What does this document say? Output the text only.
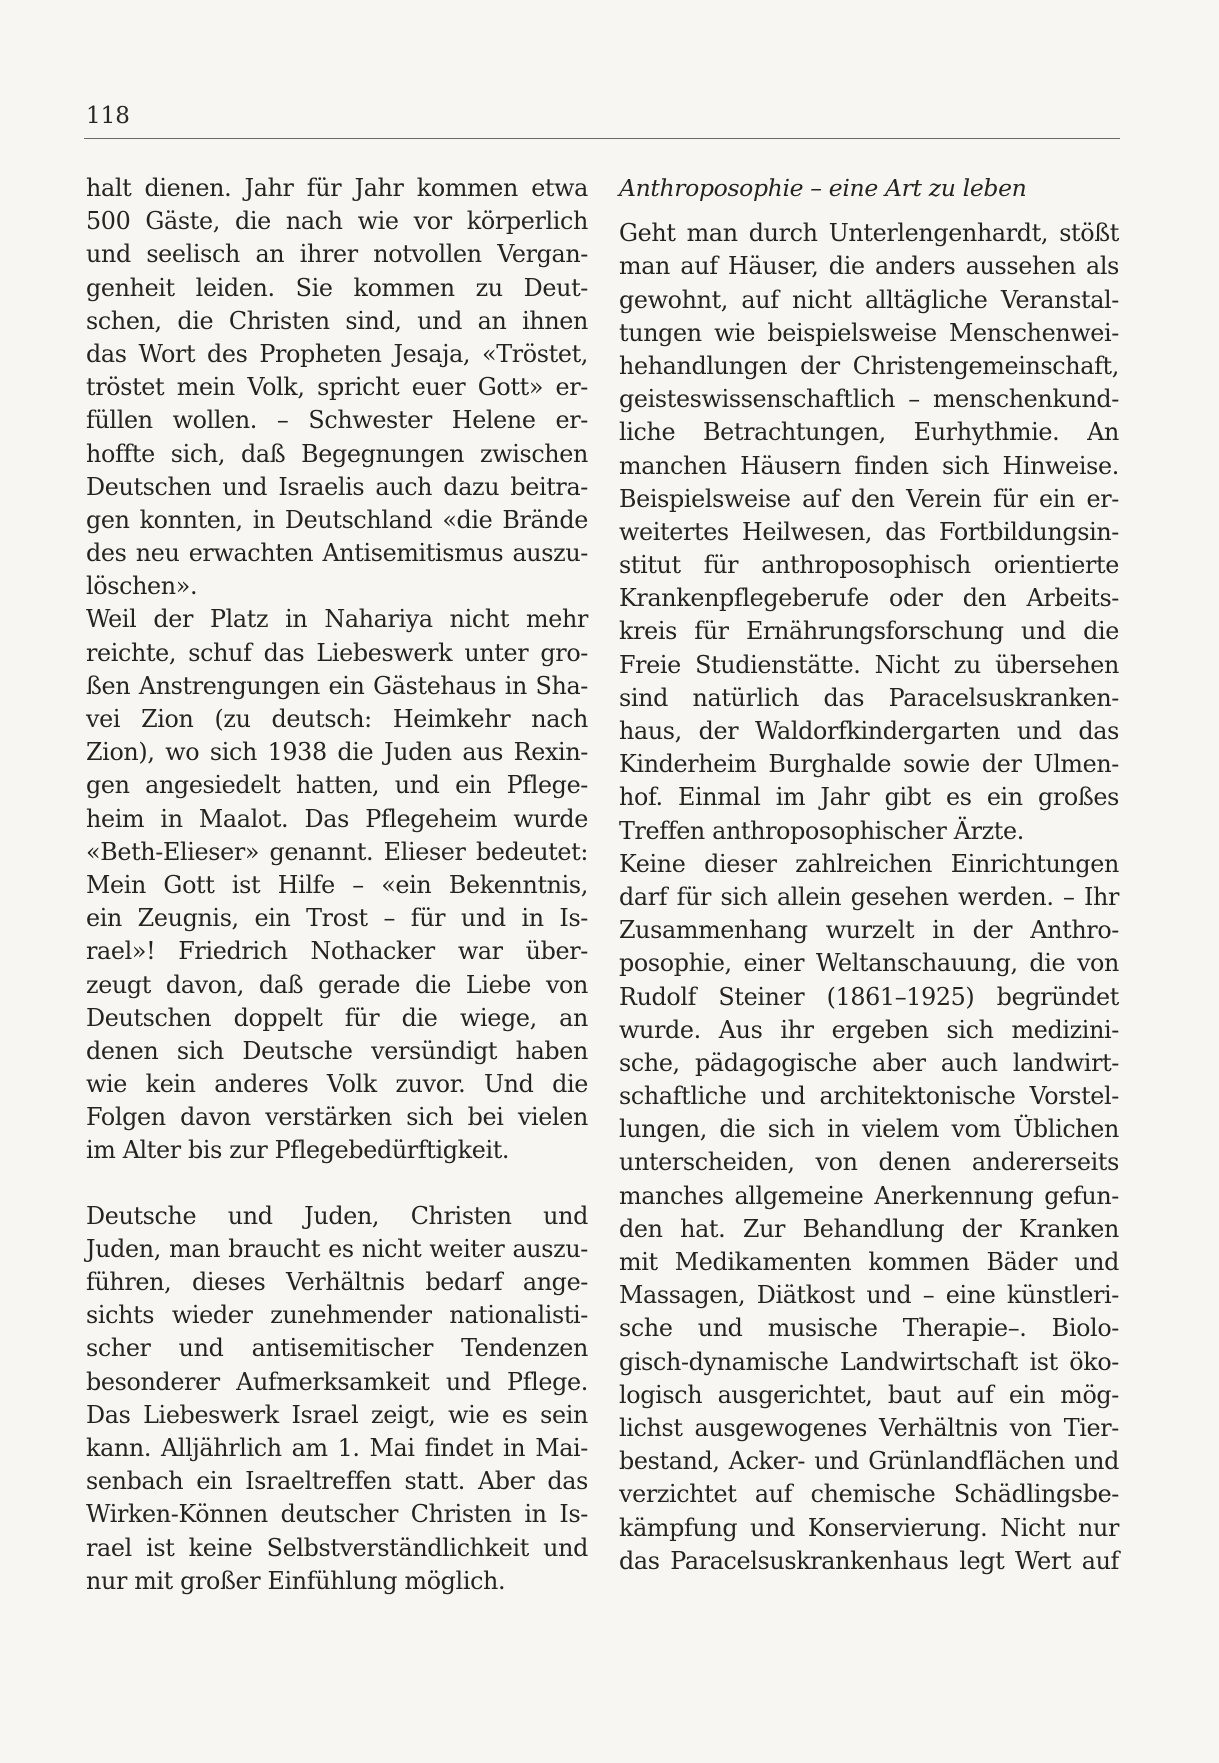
118
halt dienen. Jahr für Jahr kommen etwa
500 Gäste, die nach wie vor körperlich
und seelisch an ihrer notvollen Vergan-
genheit leiden. Sie kommen zu Deut-
schen, die Christen sind, und an ihnen
das Wort des Propheten Jesaja, «Tröstet,
tröstet mein Volk, spricht euer Gott» er-
füllen wollen. – Schwester Helene er-
hoffte sich, daß Begegnungen zwischen
Deutschen und Israelis auch dazu beitra-
gen konnten, in Deutschland «die Brände
des neu erwachten Antisemitismus auszu-
löschen».
Weil der Platz in Nahariya nicht mehr
reichte, schuf das Liebeswerk unter gro-
ßen Anstrengungen ein Gästehaus in Sha-
vei Zion (zu deutsch: Heimkehr nach
Zion), wo sich 1938 die Juden aus Rexin-
gen angesiedelt hatten, und ein Pflege-
heim in Maalot. Das Pflegeheim wurde
«Beth-Elieser» genannt. Elieser bedeutet:
Mein Gott ist Hilfe – «ein Bekenntnis,
ein Zeugnis, ein Trost – für und in Is-
rael»! Friedrich Nothacker war über-
zeugt davon, daß gerade die Liebe von
Deutschen doppelt für die wiege, an
denen sich Deutsche versündigt haben
wie kein anderes Volk zuvor. Und die
Folgen davon verstärken sich bei vielen
im Alter bis zur Pflegebedürftigkeit.
Deutsche und Juden, Christen und
Juden, man braucht es nicht weiter auszu-
führen, dieses Verhältnis bedarf ange-
sichts wieder zunehmender nationalisti-
scher und antisemitischer Tendenzen
besonderer Aufmerksamkeit und Pflege.
Das Liebeswerk Israel zeigt, wie es sein
kann. Alljährlich am 1. Mai findet in Mai-
senbach ein Israeltreffen statt. Aber das
Wirken-Können deutscher Christen in Is-
rael ist keine Selbstverständlichkeit und
nur mit großer Einfühlung möglich.
Anthroposophie – eine Art zu leben
Geht man durch Unterlengenhardt, stößt
man auf Häuser, die anders aussehen als
gewohnt, auf nicht alltägliche Veranstal-
tungen wie beispielsweise Menschenwei-
hehandlungen der Christengemeinschaft,
geisteswissenschaftlich – menschenkund-
liche Betrachtungen, Eurhythmie. An
manchen Häusern finden sich Hinweise.
Beispielsweise auf den Verein für ein er-
weitertes Heilwesen, das Fortbildungsin-
stitut für anthroposophisch orientierte
Krankenpflegeberufe oder den Arbeits-
kreis für Ernährungsforschung und die
Freie Studienstätte. Nicht zu übersehen
sind natürlich das Paracelsuskranken-
haus, der Waldorfkindergarten und das
Kinderheim Burghalde sowie der Ulmen-
hof. Einmal im Jahr gibt es ein großes
Treffen anthroposophischer Ärzte.
Keine dieser zahlreichen Einrichtungen
darf für sich allein gesehen werden. – Ihr
Zusammenhang wurzelt in der Anthro-
posophie, einer Weltanschauung, die von
Rudolf Steiner (1861–1925) begründet
wurde. Aus ihr ergeben sich medizini-
sche, pädagogische aber auch landwirt-
schaftliche und architektonische Vorstel-
lungen, die sich in vielem vom Üblichen
unterscheiden, von denen andererseits
manches allgemeine Anerkennung gefun-
den hat. Zur Behandlung der Kranken
mit Medikamenten kommen Bäder und
Massagen, Diätkost und – eine künstleri-
sche und musische Therapie–. Biolo-
gisch-dynamische Landwirtschaft ist öko-
logisch ausgerichtet, baut auf ein mög-
lichst ausgewogenes Verhältnis von Tier-
bestand, Acker- und Grünlandflächen und
verzichtet auf chemische Schädlingsbe-
kämpfung und Konservierung. Nicht nur
das Paracelsuskrankenhaus legt Wert auf
